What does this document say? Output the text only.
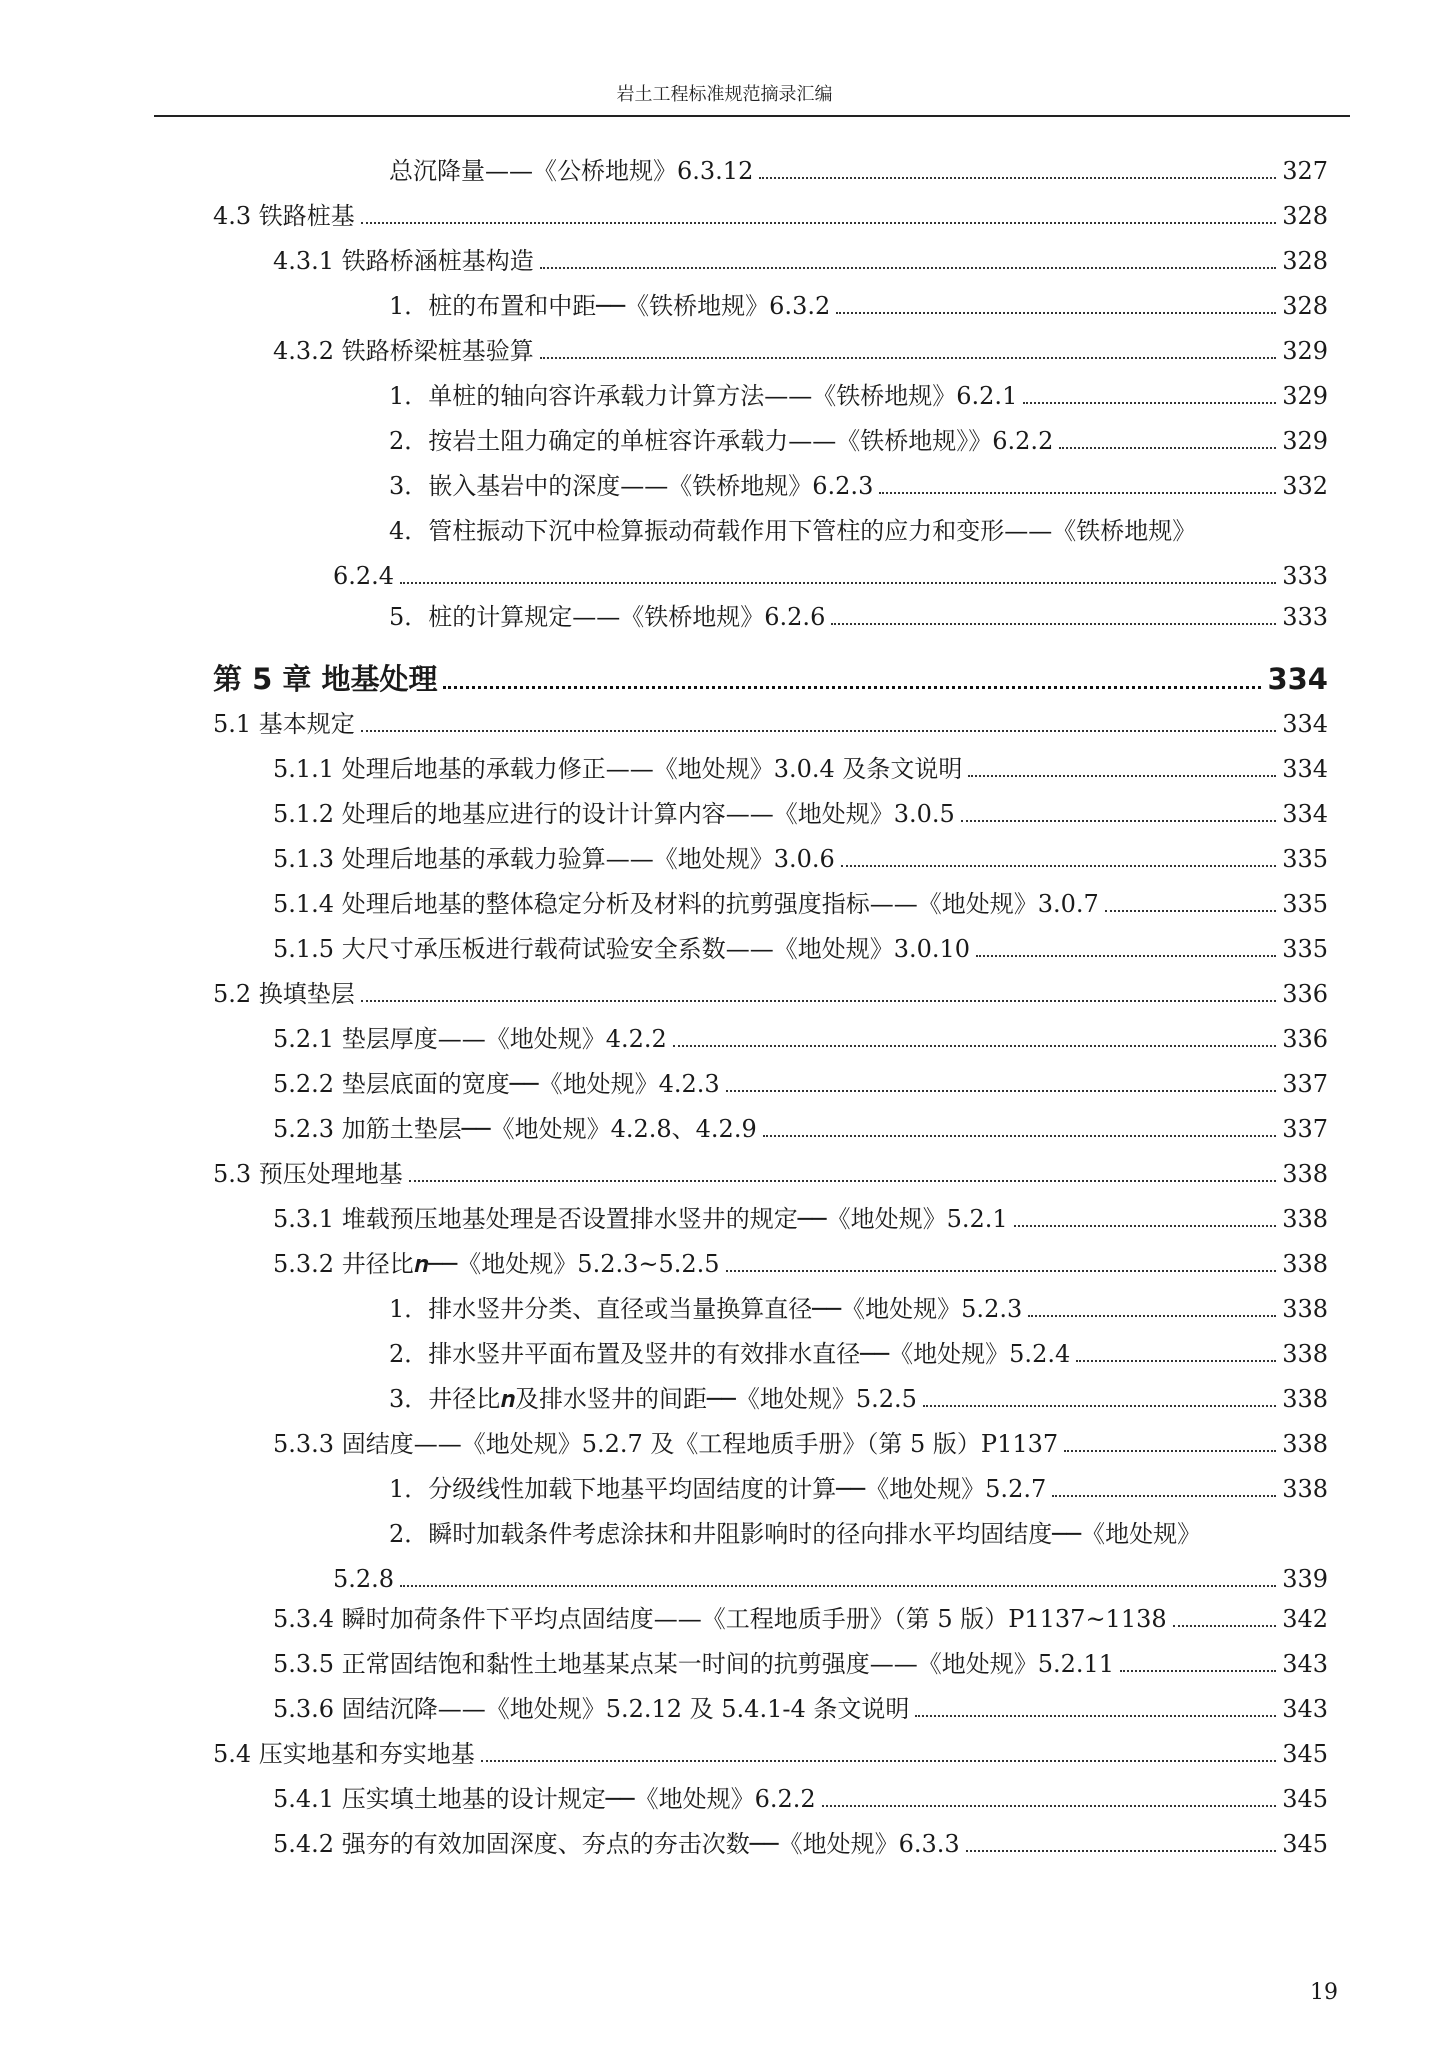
岩土工程标准规范摘录汇编
总沉降量——《公桥地规》6.3.12	327
4.3 铁路桩基	328
4.3.1 铁路桥涵桩基构造	328
1．桩的布置和中距──《铁桥地规》6.3.2	328
4.3.2 铁路桥梁桩基验算	329
1．单桩的轴向容许承载力计算方法——《铁桥地规》6.2.1	329
2．按岩土阻力确定的单桩容许承载力——《铁桥地规》》6.2.2	329
3．嵌入基岩中的深度——《铁桥地规》6.2.3	332
4．管柱振动下沉中检算振动荷载作用下管柱的应力和变形——《铁桥地规》
6.2.4	333
5．桩的计算规定——《铁桥地规》6.2.6	333
第 5 章 地基处理	334
5.1 基本规定	334
5.1.1 处理后地基的承载力修正——《地处规》3.0.4 及条文说明	334
5.1.2 处理后的地基应进行的设计计算内容——《地处规》3.0.5	334
5.1.3 处理后地基的承载力验算——《地处规》3.0.6	335
5.1.4 处理后地基的整体稳定分析及材料的抗剪强度指标——《地处规》3.0.7	335
5.1.5 大尺寸承压板进行载荷试验安全系数——《地处规》3.0.10	335
5.2 换填垫层	336
5.2.1 垫层厚度——《地处规》4.2.2	336
5.2.2 垫层底面的宽度──《地处规》4.2.3	337
5.2.3 加筋土垫层──《地处规》4.2.8、4.2.9	337
5.3 预压处理地基	338
5.3.1 堆载预压地基处理是否设置排水竖井的规定──《地处规》5.2.1	338
5.3.2 井径比𝒏──《地处规》5.2.3~5.2.5	338
1．排水竖井分类、直径或当量换算直径──《地处规》5.2.3	338
2．排水竖井平面布置及竖井的有效排水直径──《地处规》5.2.4	338
3．井径比𝒏及排水竖井的间距──《地处规》5.2.5	338
5.3.3 固结度——《地处规》5.2.7 及《工程地质手册》（第 5 版）P1137	338
1．分级线性加载下地基平均固结度的计算──《地处规》5.2.7	338
2．瞬时加载条件考虑涂抹和井阻影响时的径向排水平均固结度──《地处规》
5.2.8	339
5.3.4 瞬时加荷条件下平均点固结度——《工程地质手册》（第 5 版）P1137~1138	342
5.3.5 正常固结饱和黏性土地基某点某一时间的抗剪强度——《地处规》5.2.11	343
5.3.6 固结沉降——《地处规》5.2.12 及 5.4.1-4 条文说明	343
5.4 压实地基和夯实地基	345
5.4.1 压实填土地基的设计规定──《地处规》6.2.2	345
5.4.2 强夯的有效加固深度、夯点的夯击次数──《地处规》6.3.3	345
19
